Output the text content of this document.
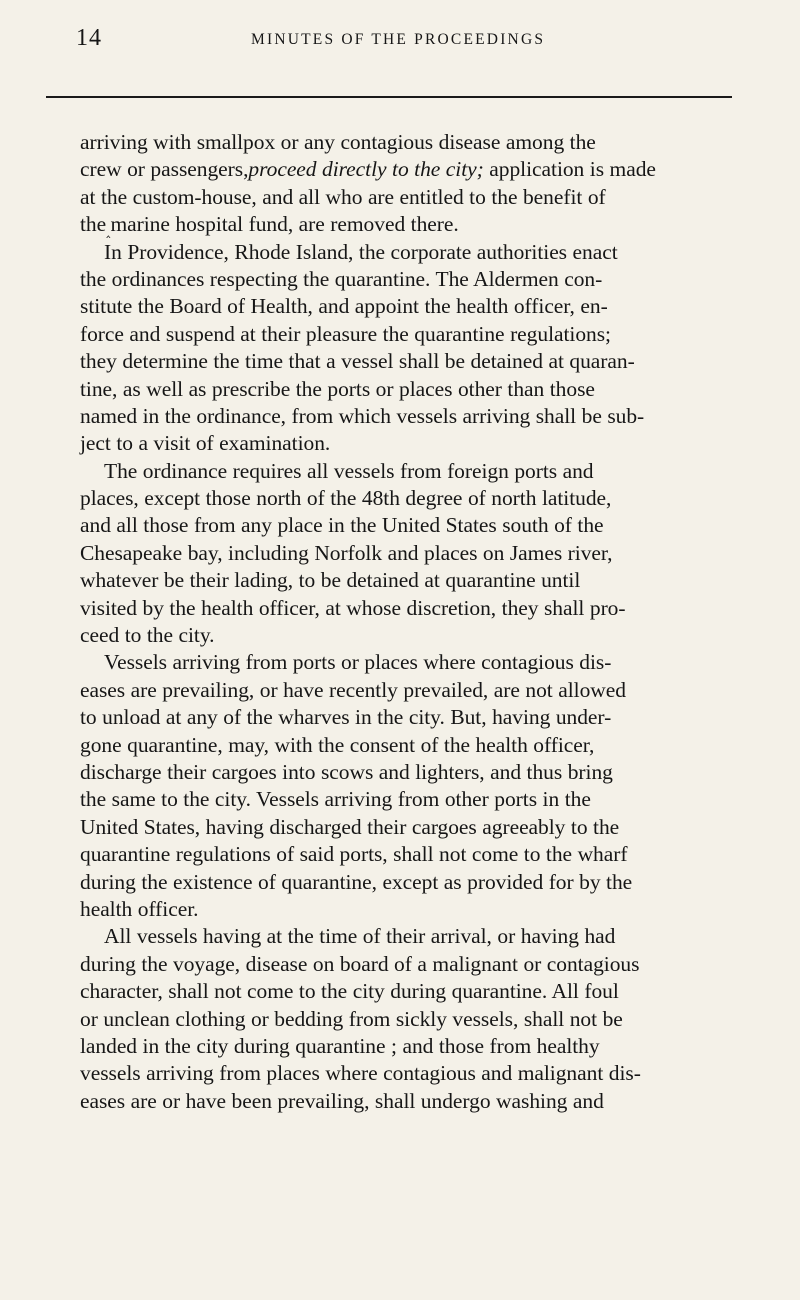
14	MINUTES OF THE PROCEEDINGS
arriving with smallpox or any contagious disease among the
crew or passengers,proceed directly to the city; application is made
at the custom-house, and all who are entitled to the benefit of
the‸marine hospital fund, are removed there.
In Providence, Rhode Island, the corporate authorities enact
the ordinances respecting the quarantine. The Aldermen con-
stitute the Board of Health, and appoint the health officer, en-
force and suspend at their pleasure the quarantine regulations;
they determine the time that a vessel shall be detained at quaran-
tine, as well as prescribe the ports or places other than those
named in the ordinance, from which vessels arriving shall be sub-
ject to a visit of examination.
The ordinance requires all vessels from foreign ports and
places, except those north of the 48th degree of north latitude,
and all those from any place in the United States south of the
Chesapeake bay, including Norfolk and places on James river,
whatever be their lading, to be detained at quarantine until
visited by the health officer, at whose discretion, they shall pro-
ceed to the city.
Vessels arriving from ports or places where contagious dis-
eases are prevailing, or have recently prevailed, are not allowed
to unload at any of the wharves in the city. But, having under-
gone quarantine, may, with the consent of the health officer,
discharge their cargoes into scows and lighters, and thus bring
the same to the city. Vessels arriving from other ports in the
United States, having discharged their cargoes agreeably to the
quarantine regulations of said ports, shall not come to the wharf
during the existence of quarantine, except as provided for by the
health officer.
All vessels having at the time of their arrival, or having had
during the voyage, disease on board of a malignant or contagious
character, shall not come to the city during quarantine. All foul
or unclean clothing or bedding from sickly vessels, shall not be
landed in the city during quarantine ; and those from healthy
vessels arriving from places where contagious and malignant dis-
eases are or have been prevailing, shall undergo washing and
